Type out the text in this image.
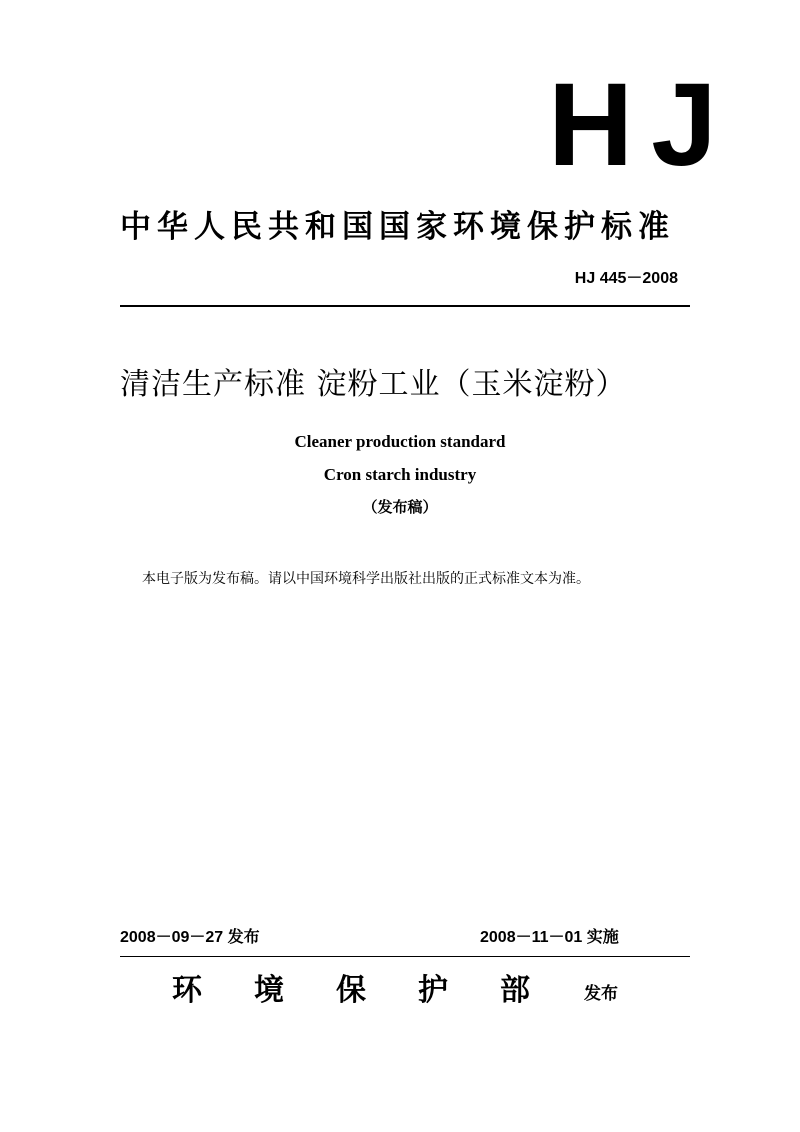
HJ
中华人民共和国国家环境保护标准
HJ 445－2008
清洁生产标准 淀粉工业（玉米淀粉）
Cleaner production standard
Cron starch industry
（发布稿）
本电子版为发布稿。请以中国环境科学出版社出版的正式标准文本为准。
2008－09－27 发布	2008－11－01 实施
环境保护部 发布
